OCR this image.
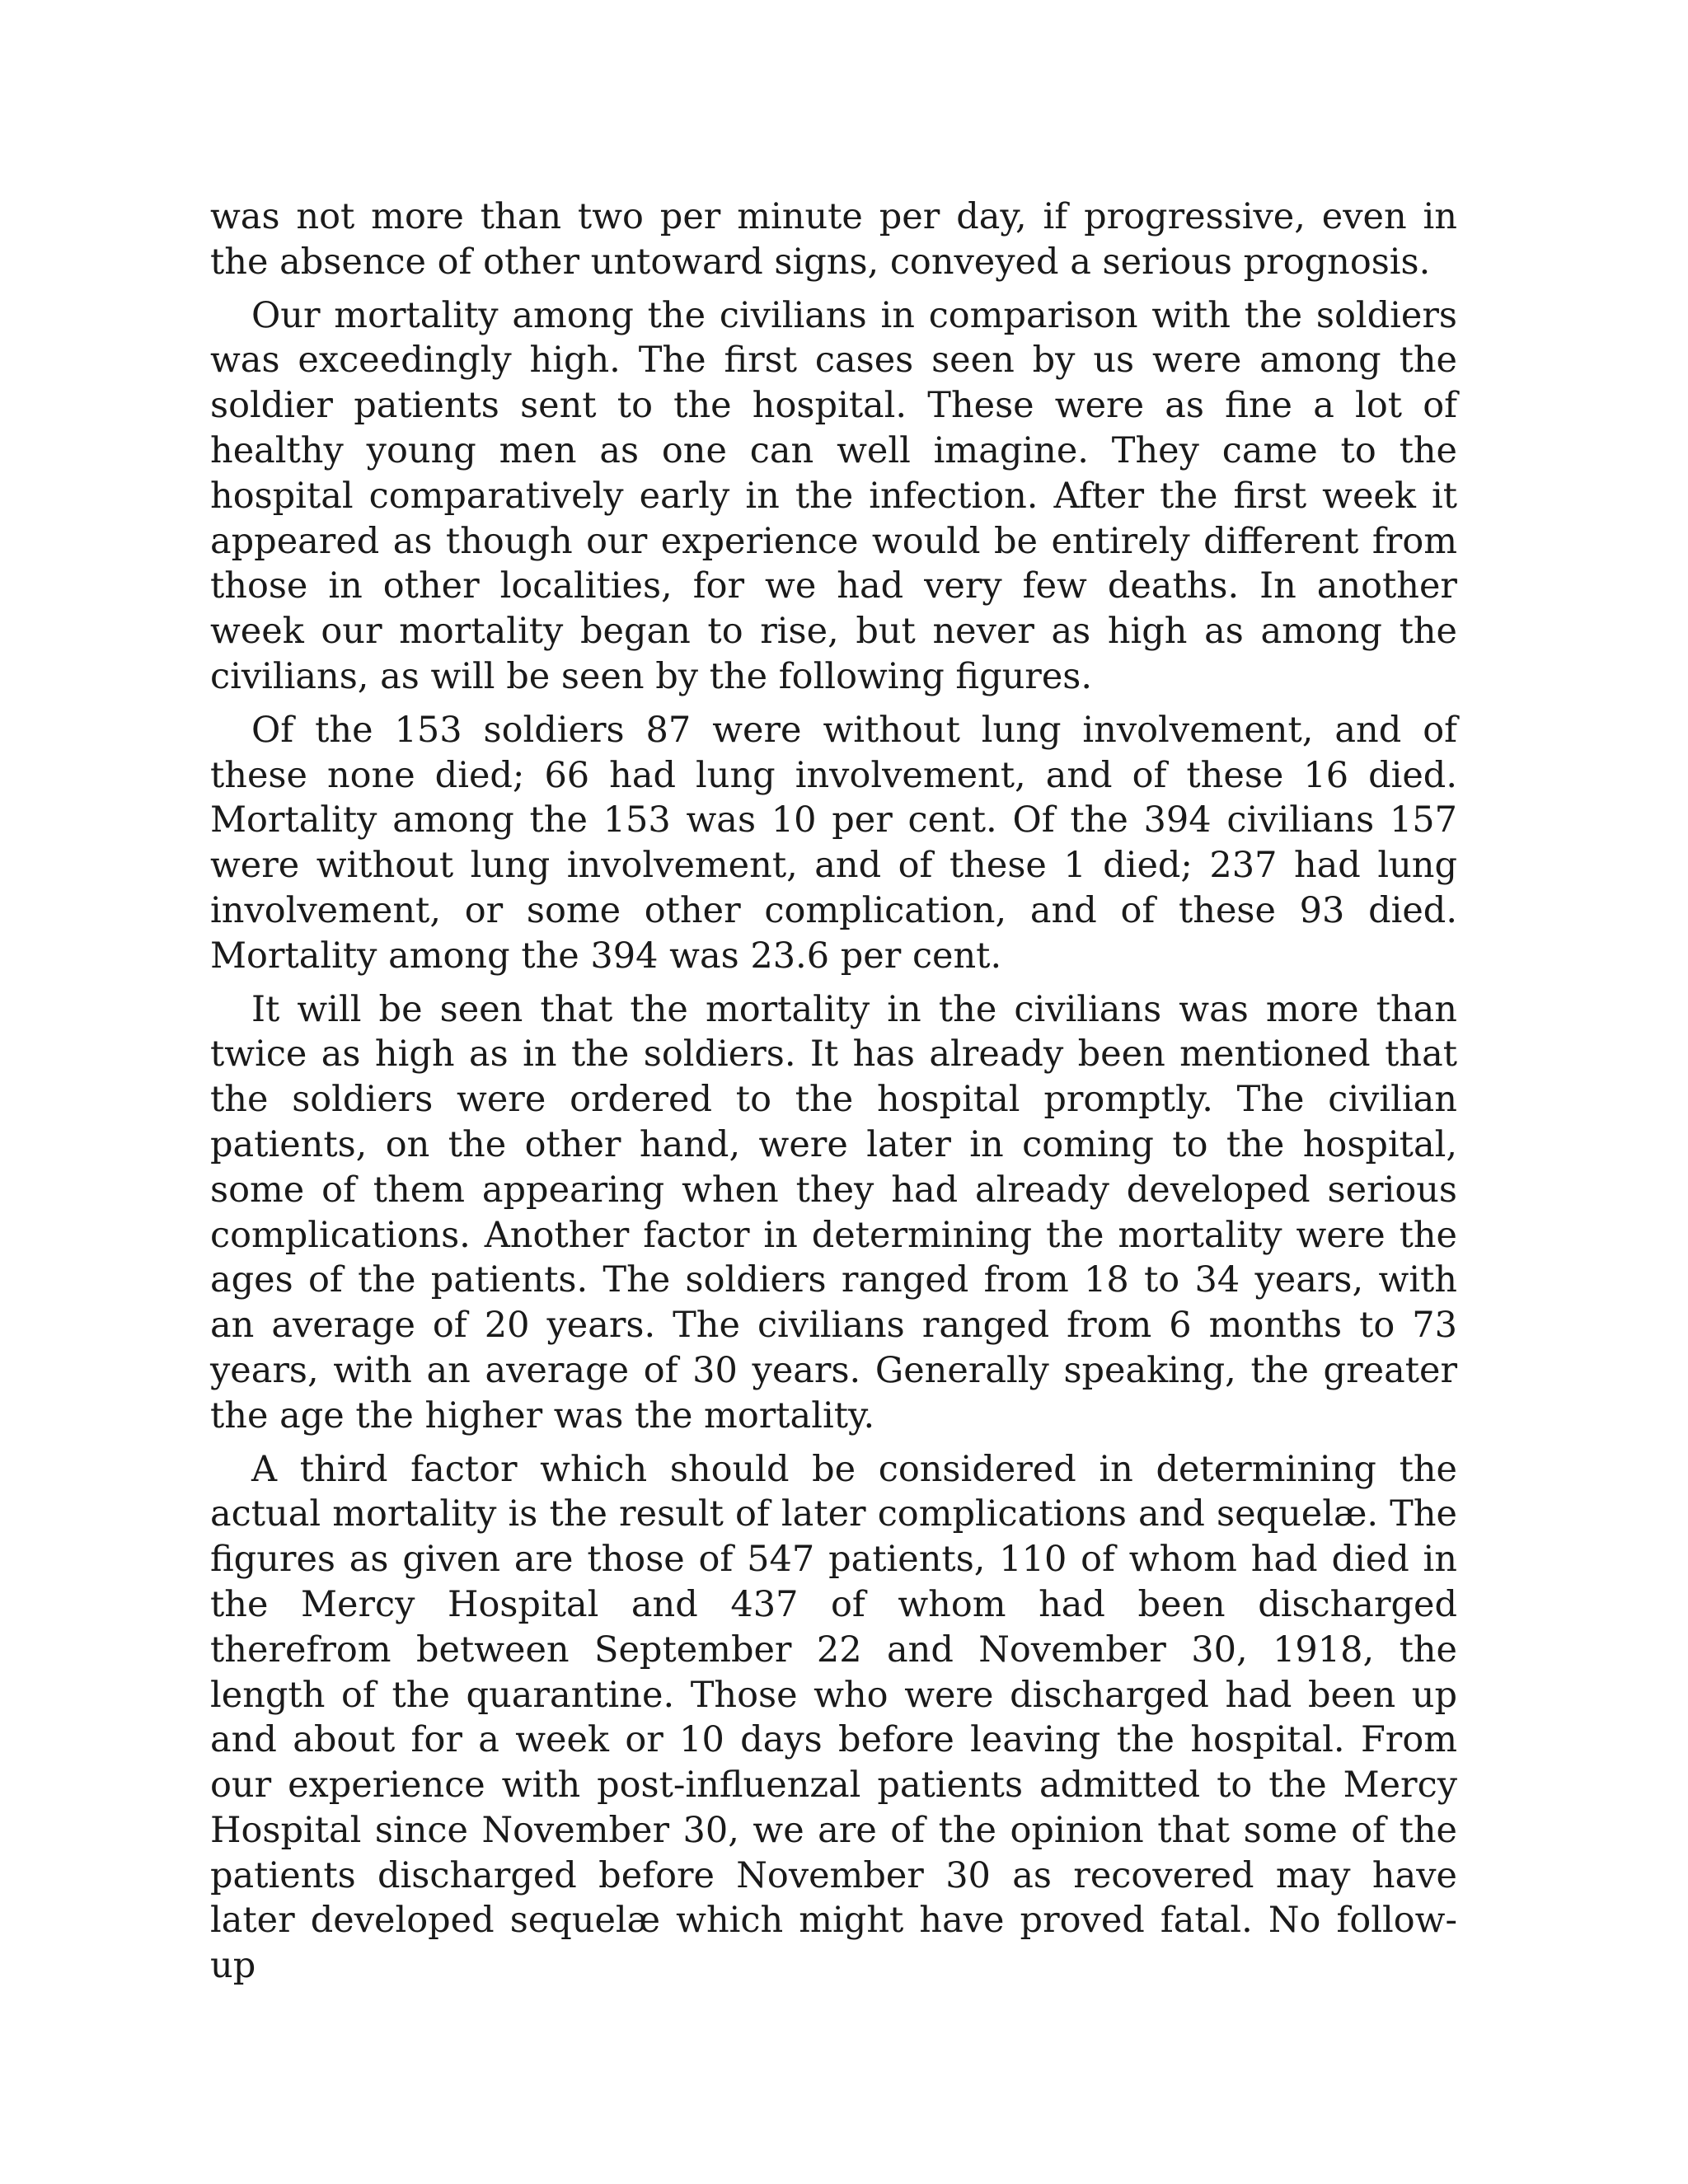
was not more than two per minute per day, if progressive, even in the absence of other untoward signs, conveyed a serious prognosis.

Our mortality among the civilians in comparison with the soldiers was exceedingly high. The first cases seen by us were among the soldier patients sent to the hospital. These were as fine a lot of healthy young men as one can well imagine. They came to the hospital comparatively early in the infection. After the first week it appeared as though our experience would be entirely different from those in other localities, for we had very few deaths. In another week our mortality began to rise, but never as high as among the civilians, as will be seen by the following figures.

Of the 153 soldiers 87 were without lung involvement, and of these none died; 66 had lung involvement, and of these 16 died. Mortality among the 153 was 10 per cent. Of the 394 civilians 157 were without lung involvement, and of these 1 died; 237 had lung involvement, or some other complication, and of these 93 died. Mortality among the 394 was 23.6 per cent.

It will be seen that the mortality in the civilians was more than twice as high as in the soldiers. It has already been mentioned that the soldiers were ordered to the hospital promptly. The civilian patients, on the other hand, were later in coming to the hospital, some of them appearing when they had already developed serious complications. Another factor in determining the mortality were the ages of the patients. The soldiers ranged from 18 to 34 years, with an average of 20 years. The civilians ranged from 6 months to 73 years, with an average of 30 years. Generally speaking, the greater the age the higher was the mortality.

A third factor which should be considered in determining the actual mortality is the result of later complications and sequelæ. The figures as given are those of 547 patients, 110 of whom had died in the Mercy Hospital and 437 of whom had been discharged therefrom between September 22 and November 30, 1918, the length of the quarantine. Those who were discharged had been up and about for a week or 10 days before leaving the hospital. From our experience with post-influenzal patients admitted to the Mercy Hospital since November 30, we are of the opinion that some of the patients discharged before November 30 as recovered may have later developed sequelæ which might have proved fatal. No follow-up
